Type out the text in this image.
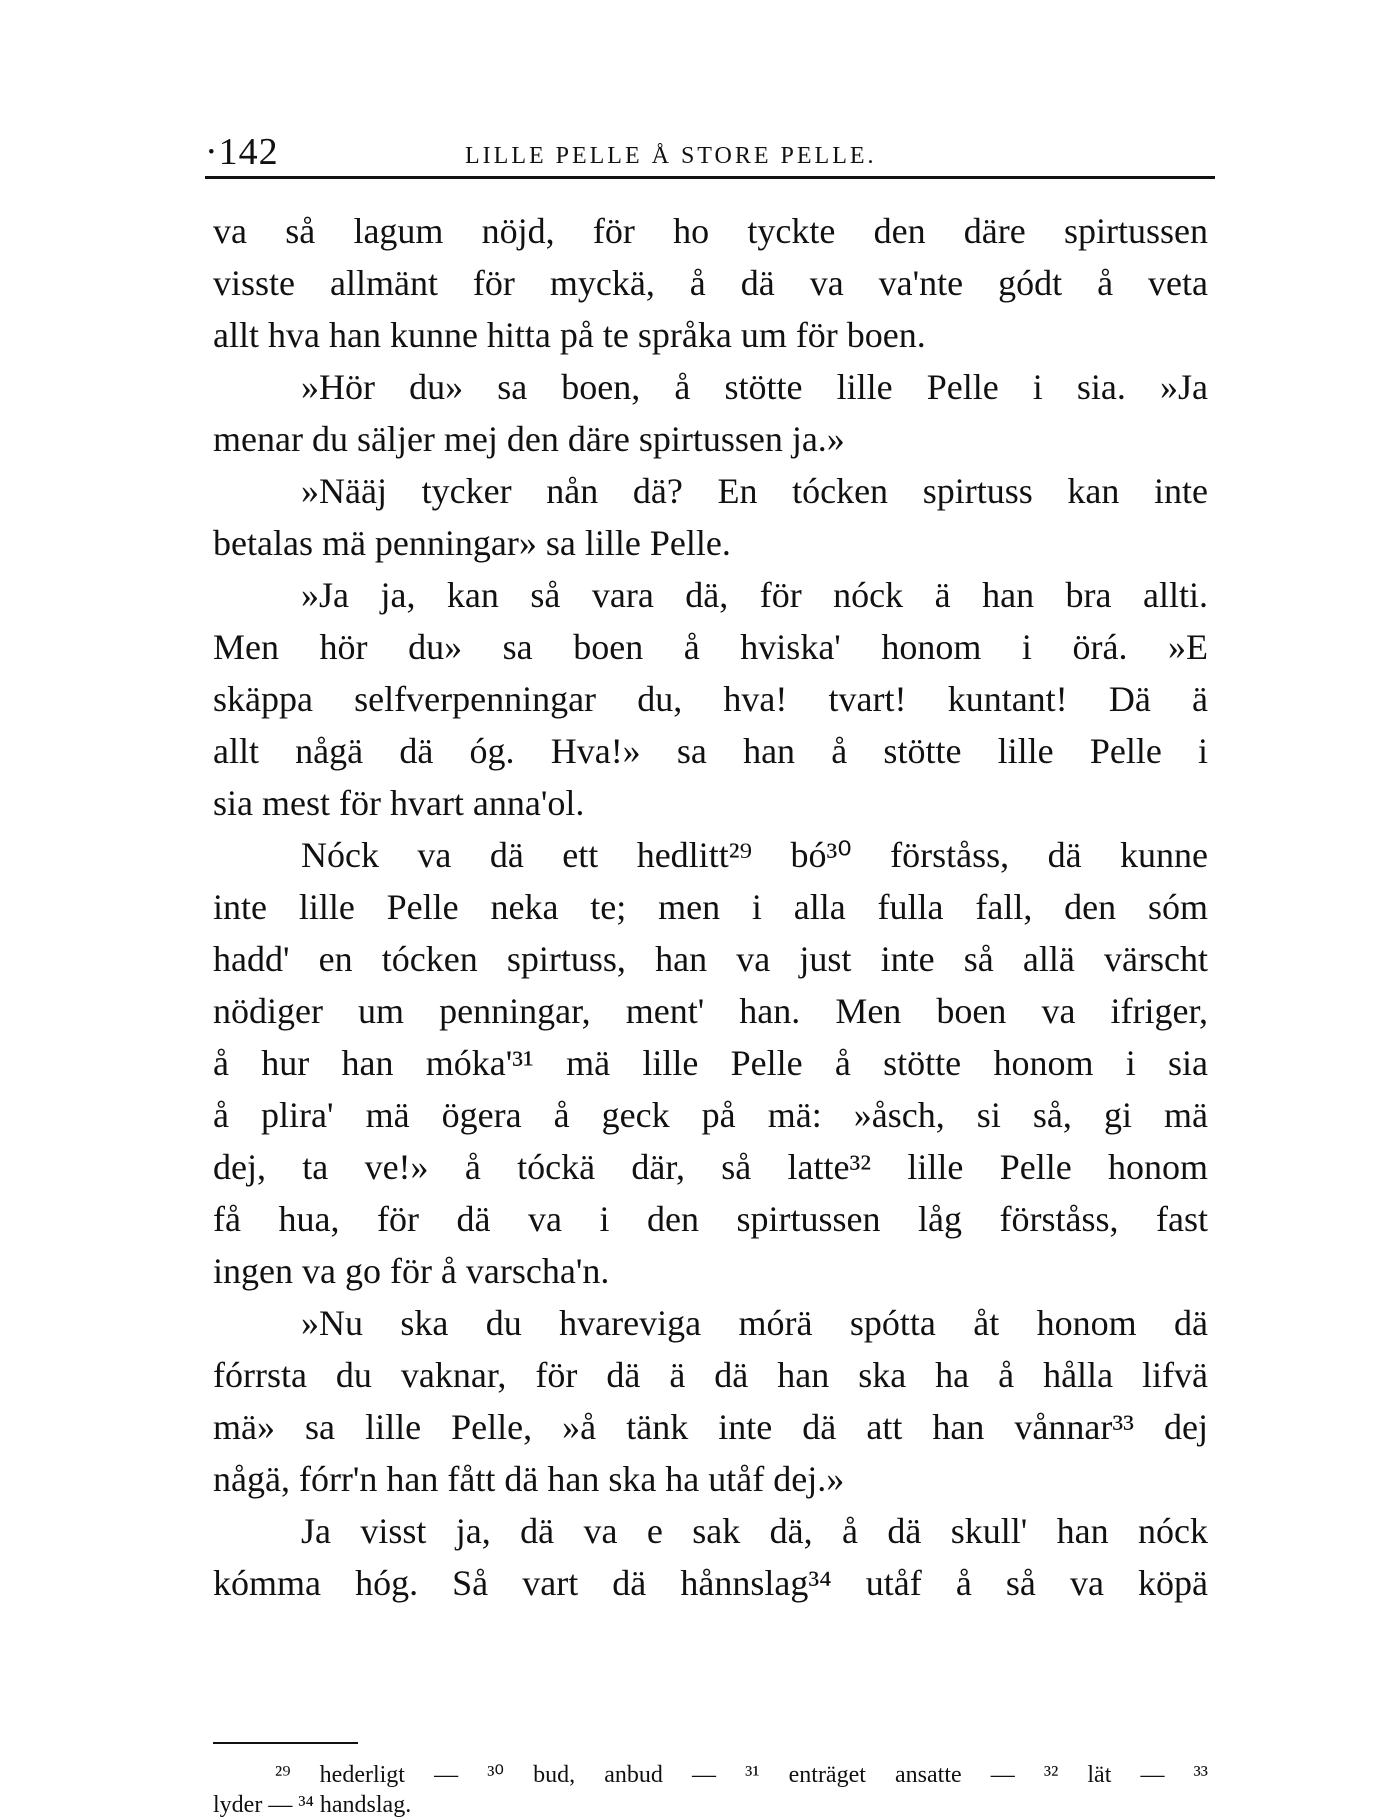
·142	LILLE PELLE Å STORE PELLE.
va så lagum nöjd, för ho tyckte den däre spirtussen
visste allmänt för myckä, å dä va va'nte gódt å veta
allt hva han kunne hitta på te språka um för boen.
»Hör du» sa boen, å stötte lille Pelle i sia. »Ja
menar du säljer mej den däre spirtussen ja.»
»Nääj tycker nån dä? En tócken spirtuss kan inte
betalas mä penningar» sa lille Pelle.
»Ja ja, kan så vara dä, för nóck ä han bra allti.
Men hör du» sa boen å hviska' honom i örá. »E
skäppa selfverpenningar du, hva! tvart! kuntant! Dä ä
allt någä dä óg. Hva!» sa han å stötte lille Pelle i
sia mest för hvart anna'ol.
Nóck va dä ett hedlitt²⁹ bó³⁰ förståss, dä kunne
inte lille Pelle neka te; men i alla fulla fall, den sóm
hadd' en tócken spirtuss, han va just inte så allä värscht
nödiger um penningar, ment' han. Men boen va ifriger,
å hur han móka'³¹ mä lille Pelle å stötte honom i sia
å plira' mä ögera å geck på mä: »åsch, si så, gi mä
dej, ta ve!» å tóckä där, så latte³² lille Pelle honom
få hua, för dä va i den spirtussen låg förståss, fast
ingen va go för å varscha'n.
»Nu ska du hvareviga mórä spótta åt honom dä
fórrsta du vaknar, för dä ä dä han ska ha å hålla lifvä
mä» sa lille Pelle, »å tänk inte dä att han vånnar³³ dej
någä, fórr'n han fått dä han ska ha utåf dej.»
Ja visst ja, dä va e sak dä, å dä skull' han nóck
kómma hóg. Så vart dä hånnslag³⁴ utåf å så va köpä
²⁹ hederligt — ³⁰ bud, anbud — ³¹ enträget ansatte — ³² lät — ³³
lyder — ³⁴ handslag.
